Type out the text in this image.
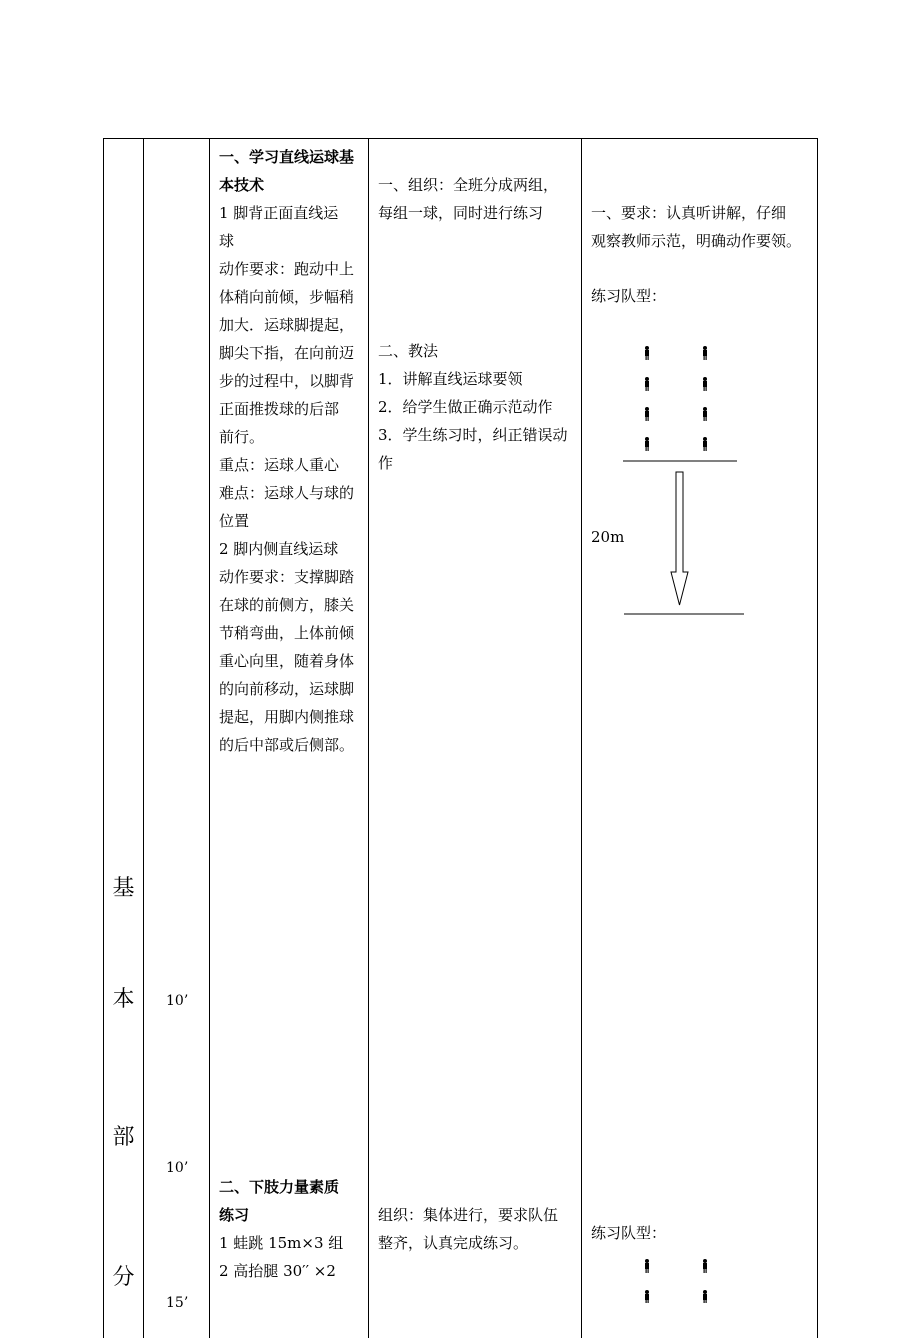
基
本
部
分
10’
10’
15’
一、学习直线运球基
本技术
1 脚背正面直线运
球
动作要求：跑动中上
体稍向前倾，步幅稍
加大．运球脚提起，
脚尖下指，在向前迈
步的过程中，以脚背
正面推拨球的后部
前行。
重点：运球人重心
难点：运球人与球的
位置
2 脚内侧直线运球
动作要求：支撑脚踏
在球的前侧方，膝关
节稍弯曲，上体前倾
重心向里，随着身体
的向前移动，运球脚
提起，用脚内侧推球
的后中部或后侧部。
二、下肢力量素质
练习
1 蛙跳 15m×3 组
2 高抬腿 30′′ ×2
一、组织：全班分成两组，
每组一球，同时进行练习
二、教法
1．讲解直线运球要领
2．给学生做正确示范动作
3．学生练习时，纠正错误动
作
组织：集体进行，要求队伍
整齐，认真完成练习。
一、要求：认真听讲解，仔细
观察教师示范，明确动作要领。
练习队型：
20m
练习队型：
